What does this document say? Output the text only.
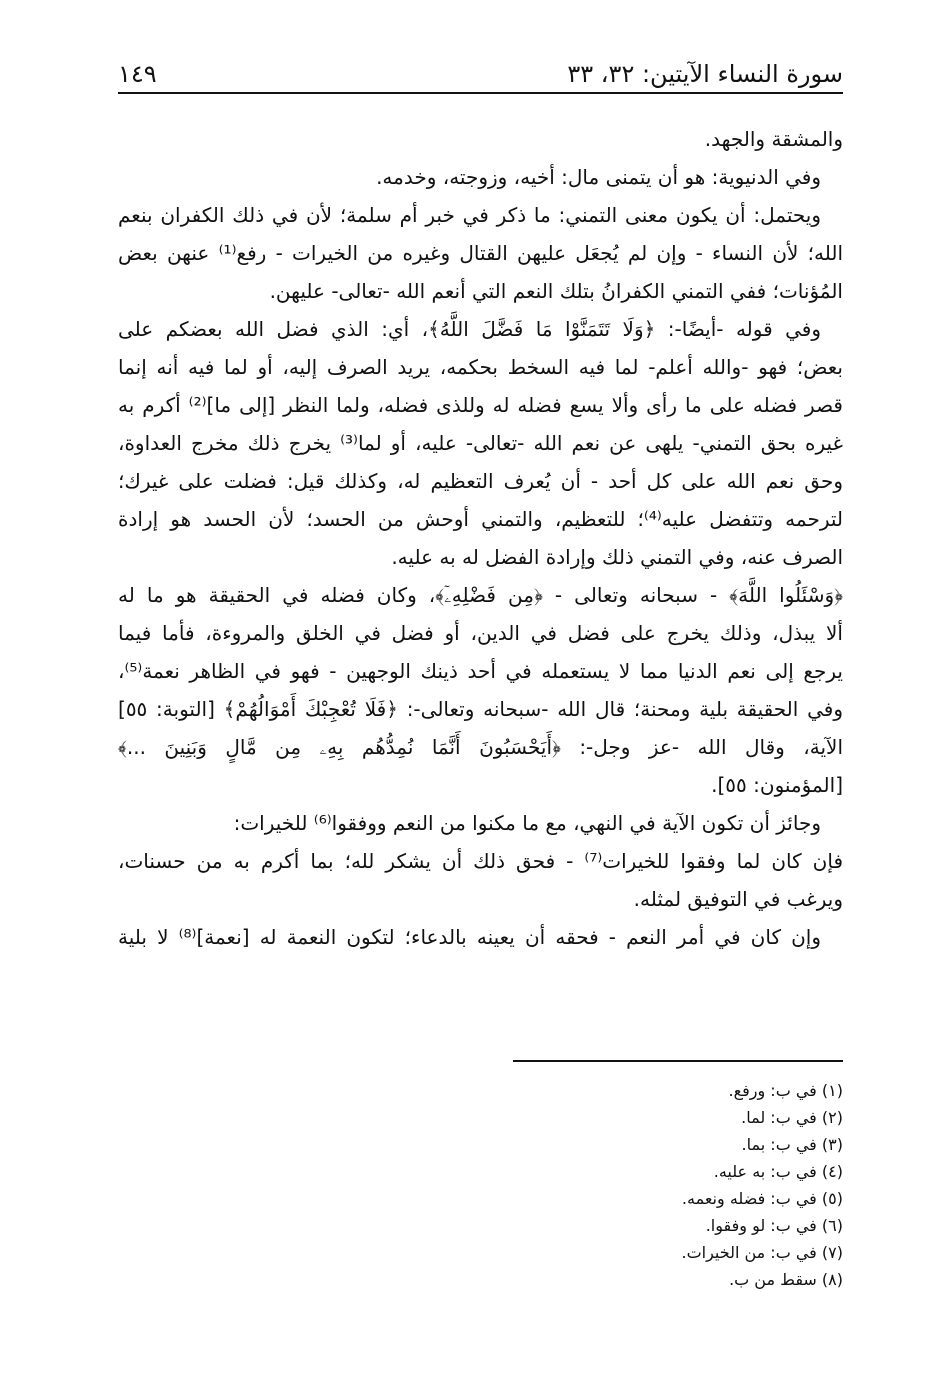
سورة النساء الآيتين: ٣٢، ٣٣
١٤٩
والمشقة والجهد.
وفي الدنيوية: هو أن يتمنى مال: أخيه، وزوجته، وخدمه.
ويحتمل: أن يكون معنى التمني: ما ذكر في خبر أم سلمة؛ لأن في ذلك الكفران بنعم
الله؛ لأن النساء - وإن لم يُجعَل عليهن القتال وغيره من الخيرات - رفع⁽¹⁾ عنهن بعض
المُؤنات؛ ففي التمني الكفرانُ بتلك النعم التي أنعم الله -تعالى- عليهن.
وفي قوله -أيضًا-: ﴿وَلَا تَتَمَنَّوْا مَا فَضَّلَ اللَّهُ﴾، أي: الذي فضل الله بعضكم على
بعض؛ فهو -والله أعلم- لما فيه السخط بحكمه، يريد الصرف إليه، أو لما فيه أنه إنما
قصر فضله على ما رأى وألا يسع فضله له وللذى فضله، ولما النظر [إلى ما]⁽²⁾ أكرم به
غيره بحق التمني- يلهى عن نعم الله -تعالى- عليه، أو لما⁽³⁾ يخرج ذلك مخرج العداوة،
وحق نعم الله على كل أحد - أن يُعرف التعظيم له، وكذلك قيل: فضلت على غيرك؛
لترحمه وتتفضل عليه⁽⁴⁾؛ للتعظيم، والتمني أوحش من الحسد؛ لأن الحسد هو إرادة
الصرف عنه، وفي التمني ذلك وإرادة الفضل له به عليه.
﴿وَسْئَلُوا اللَّهَ﴾ - سبحانه وتعالى - ﴿مِن فَضْلِهِۦٓ﴾، وكان فضله في الحقيقة هو ما له
ألا يبذل، وذلك يخرج على فضل في الدين، أو فضل في الخلق والمروءة، فأما فيما
يرجع إلى نعم الدنيا مما لا يستعمله في أحد ذينك الوجهين - فهو في الظاهر نعمة⁽⁵⁾،
وفي الحقيقة بلية ومحنة؛ قال الله -سبحانه وتعالى-: ﴿فَلَا تُعْجِبْكَ أَمْوَالُهُمْ﴾ [التوبة: ٥٥]
الآية، وقال الله -عز وجل-: ﴿أَيَحْسَبُونَ أَنَّمَا نُمِدُّهُم بِهِۦ مِن مَّالٍ وَبَنِينَ ...﴾
[المؤمنون: ٥٥].
وجائز أن تكون الآية في النهي، مع ما مكنوا من النعم ووفقوا⁽⁶⁾ للخيرات:
فإن كان لما وفقوا للخيرات⁽⁷⁾ - فحق ذلك أن يشكر لله؛ بما أكرم به من حسنات،
ويرغب في التوفيق لمثله.
وإن كان في أمر النعم - فحقه أن يعينه بالدعاء؛ لتكون النعمة له [نعمة]⁽⁸⁾ لا بلية
(١) في ب: ورفع.
(٢) في ب: لما.
(٣) في ب: بما.
(٤) في ب: به عليه.
(٥) في ب: فضله ونعمه.
(٦) في ب: لو وفقوا.
(٧) في ب: من الخيرات.
(٨) سقط من ب.
